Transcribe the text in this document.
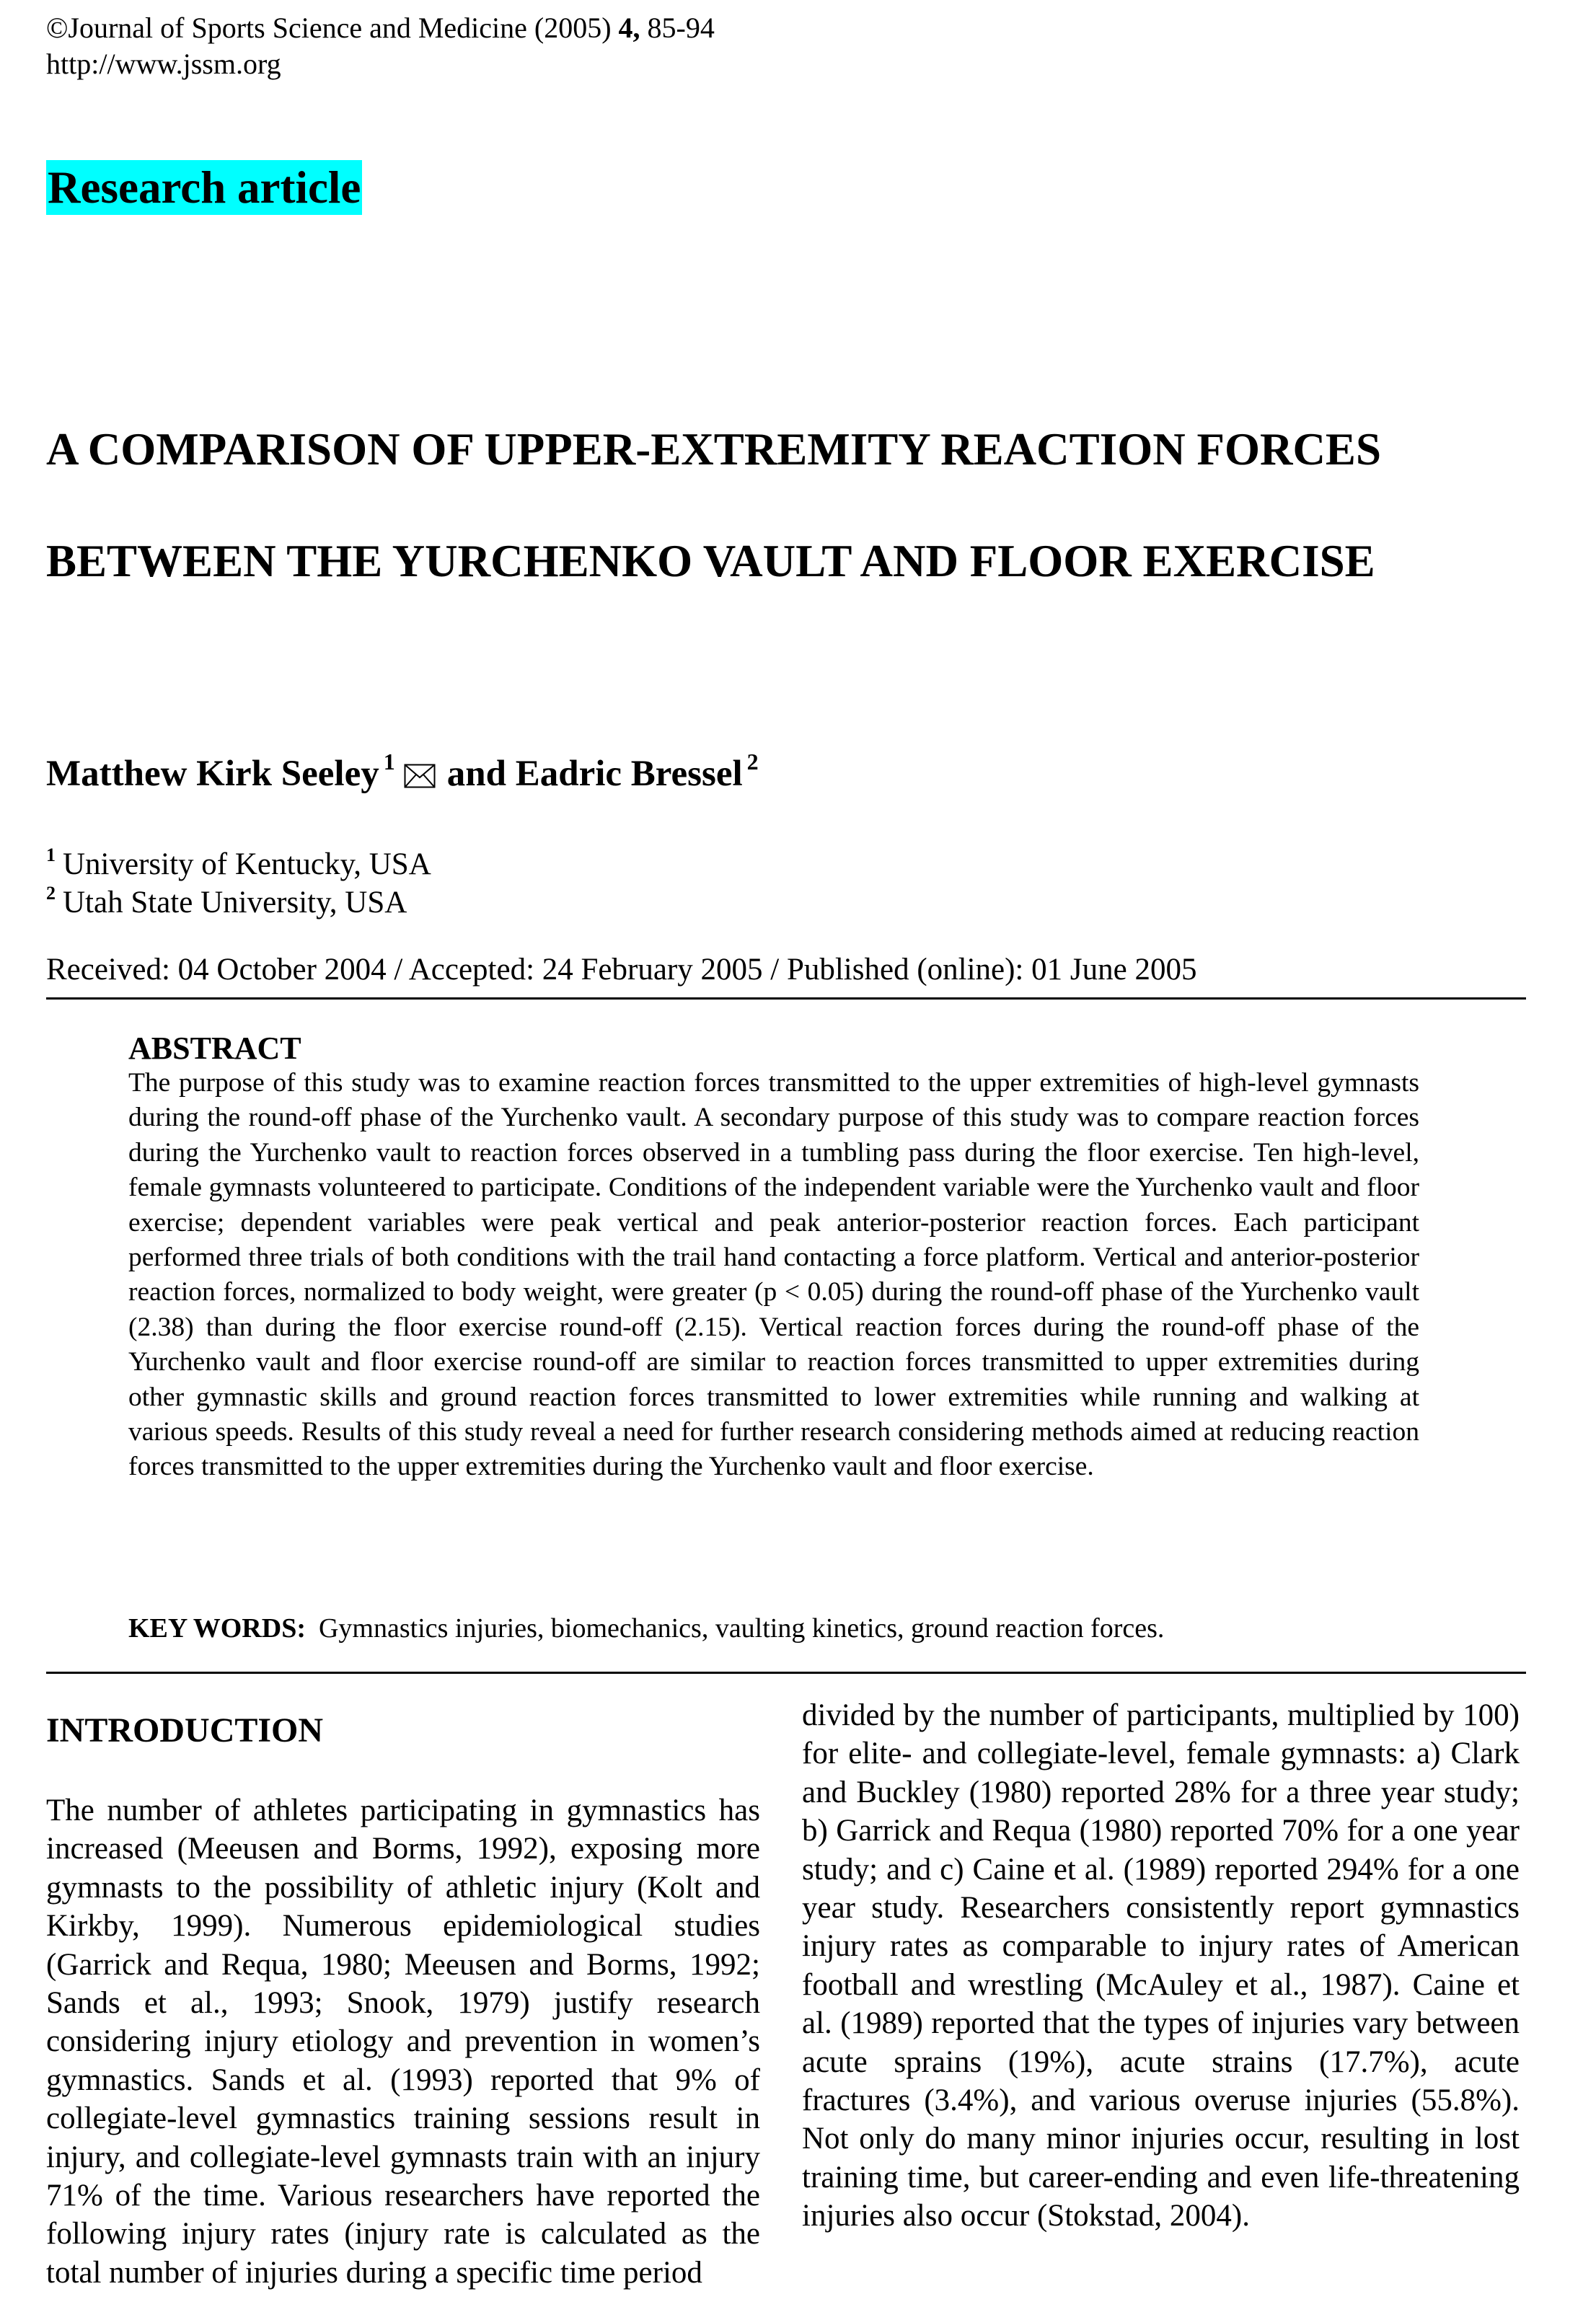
©Journal of Sports Science and Medicine (2005) 4, 85-94
http://www.jssm.org
Research article
A COMPARISON OF UPPER-EXTREMITY REACTION FORCES
BETWEEN THE YURCHENKO VAULT AND FLOOR EXERCISE
Matthew Kirk Seeley $^1$ and Eadric Bressel $^2$
$^1$ University of Kentucky, USA
$^2$ Utah State University, USA
Received: 04 October 2004 / Accepted: 24 February 2005 / Published (online): 01 June 2005
ABSTRACT
The purpose of this study was to examine reaction forces transmitted to the upper extremities of high-level gymnasts during the round-off phase of the Yurchenko vault. A secondary purpose of this study was to compare reaction forces during the Yurchenko vault to reaction forces observed in a tumbling pass during the floor exercise. Ten high-level, female gymnasts volunteered to participate. Conditions of the independent variable were the Yurchenko vault and floor exercise; dependent variables were peak vertical and peak anterior-posterior reaction forces. Each participant performed three trials of both conditions with the trail hand contacting a force platform. Vertical and anterior-posterior reaction forces, normalized to body weight, were greater (p < 0.05) during the round-off phase of the Yurchenko vault (2.38) than during the floor exercise round-off (2.15). Vertical reaction forces during the round-off phase of the Yurchenko vault and floor exercise round-off are similar to reaction forces transmitted to upper extremities during other gymnastic skills and ground reaction forces transmitted to lower extremities while running and walking at various speeds. Results of this study reveal a need for further research considering methods aimed at reducing reaction forces transmitted to the upper extremities during the Yurchenko vault and floor exercise.
KEY WORDS: Gymnastics injuries, biomechanics, vaulting kinetics, ground reaction forces.
INTRODUCTION
The number of athletes participating in gymnastics has increased (Meeusen and Borms, 1992), exposing more gymnasts to the possibility of athletic injury (Kolt and Kirkby, 1999). Numerous epidemiological studies (Garrick and Requa, 1980; Meeusen and Borms, 1992; Sands et al., 1993; Snook, 1979) justify research considering injury etiology and prevention in women’s gymnastics. Sands et al. (1993) reported that 9% of collegiate-level gymnastics training sessions result in injury, and collegiate-level gymnasts train with an injury 71% of the time. Various researchers have reported the following injury rates (injury rate is calculated as the total number of injuries during a specific time period
divided by the number of participants, multiplied by 100) for elite- and collegiate-level, female gymnasts: a) Clark and Buckley (1980) reported 28% for a three year study; b) Garrick and Requa (1980) reported 70% for a one year study; and c) Caine et al. (1989) reported 294% for a one year study. Researchers consistently report gymnastics injury rates as comparable to injury rates of American football and wrestling (McAuley et al., 1987). Caine et al. (1989) reported that the types of injuries vary between acute sprains (19%), acute strains (17.7%), acute fractures (3.4%), and various overuse injuries (55.8%). Not only do many minor injuries occur, resulting in lost training time, but career-ending and even life-threatening injuries also occur (Stokstad, 2004).
